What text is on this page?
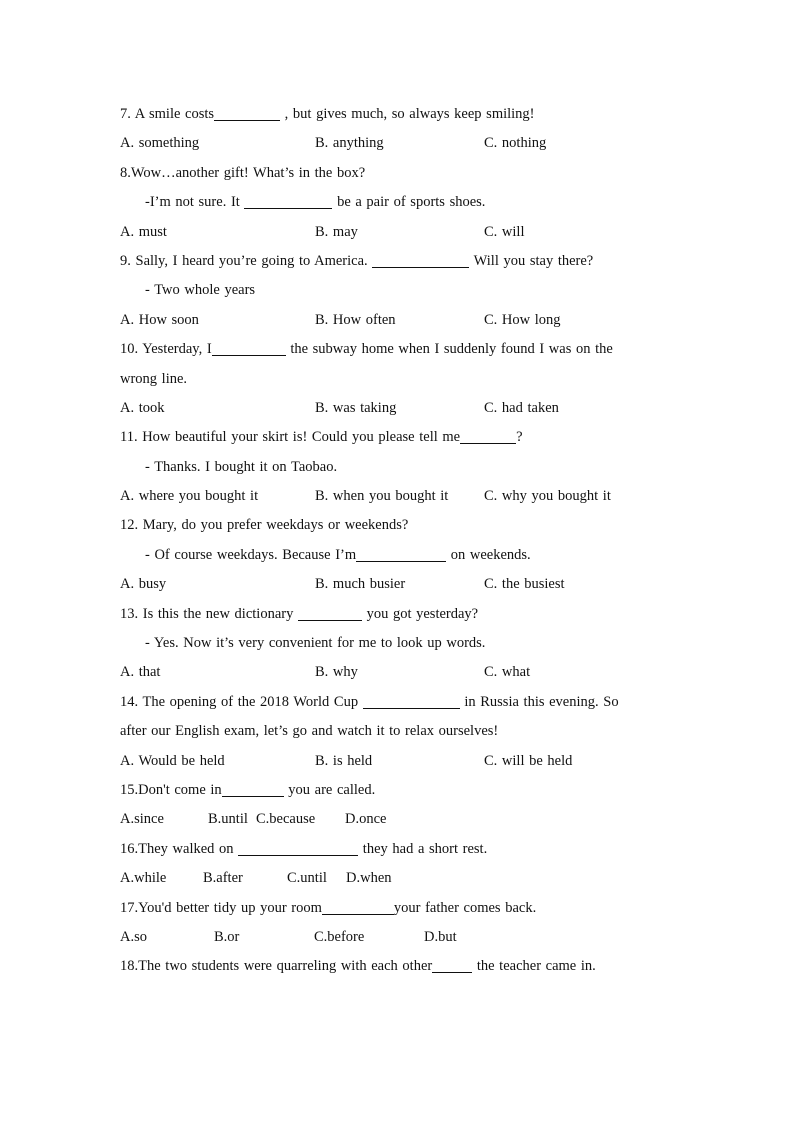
7. A smile costs	, but gives much, so always keep smiling!
A. something	B. anything	C. nothing
8.Wow…another gift! What’s in the box?
-I’m not sure. It	be a pair of sports shoes.
A. must	B. may	C. will
9. Sally, I heard you’re going to America.	Will you stay there?
- Two whole years
A. How soon	B. How often	C. How long
10. Yesterday, I	the subway home when I suddenly found I was on the
wrong line.
A. took	B. was taking	C. had taken
11. How beautiful your skirt is! Could you please tell me	?
- Thanks. I bought it on Taobao.
A. where you bought it	B. when you bought it C. why you bought it
12. Mary, do you prefer weekdays or weekends?
- Of course weekdays. Because I’m	on weekends.
A. busy	B. much busier	C. the busiest
13. Is this the new dictionary	you got yesterday?
- Yes. Now it’s very convenient for me to look up words.
A. that	B. why	C. what
14. The opening of the 2018 World Cup	in Russia this evening. So
after our English exam, let’s go and watch it to relax ourselves!
A. Would be held	B. is held	C. will be held
15.Don't come in	you are called.
A.since	B.until C.because D.once
16.They walked on	they had a short rest.
A.while	B.after	C.until D.when
17.You'd better tidy up your room	your father comes back.
A.so	B.or	C.before	D.but
18.The two students were quarreling with each other	the teacher came in.
